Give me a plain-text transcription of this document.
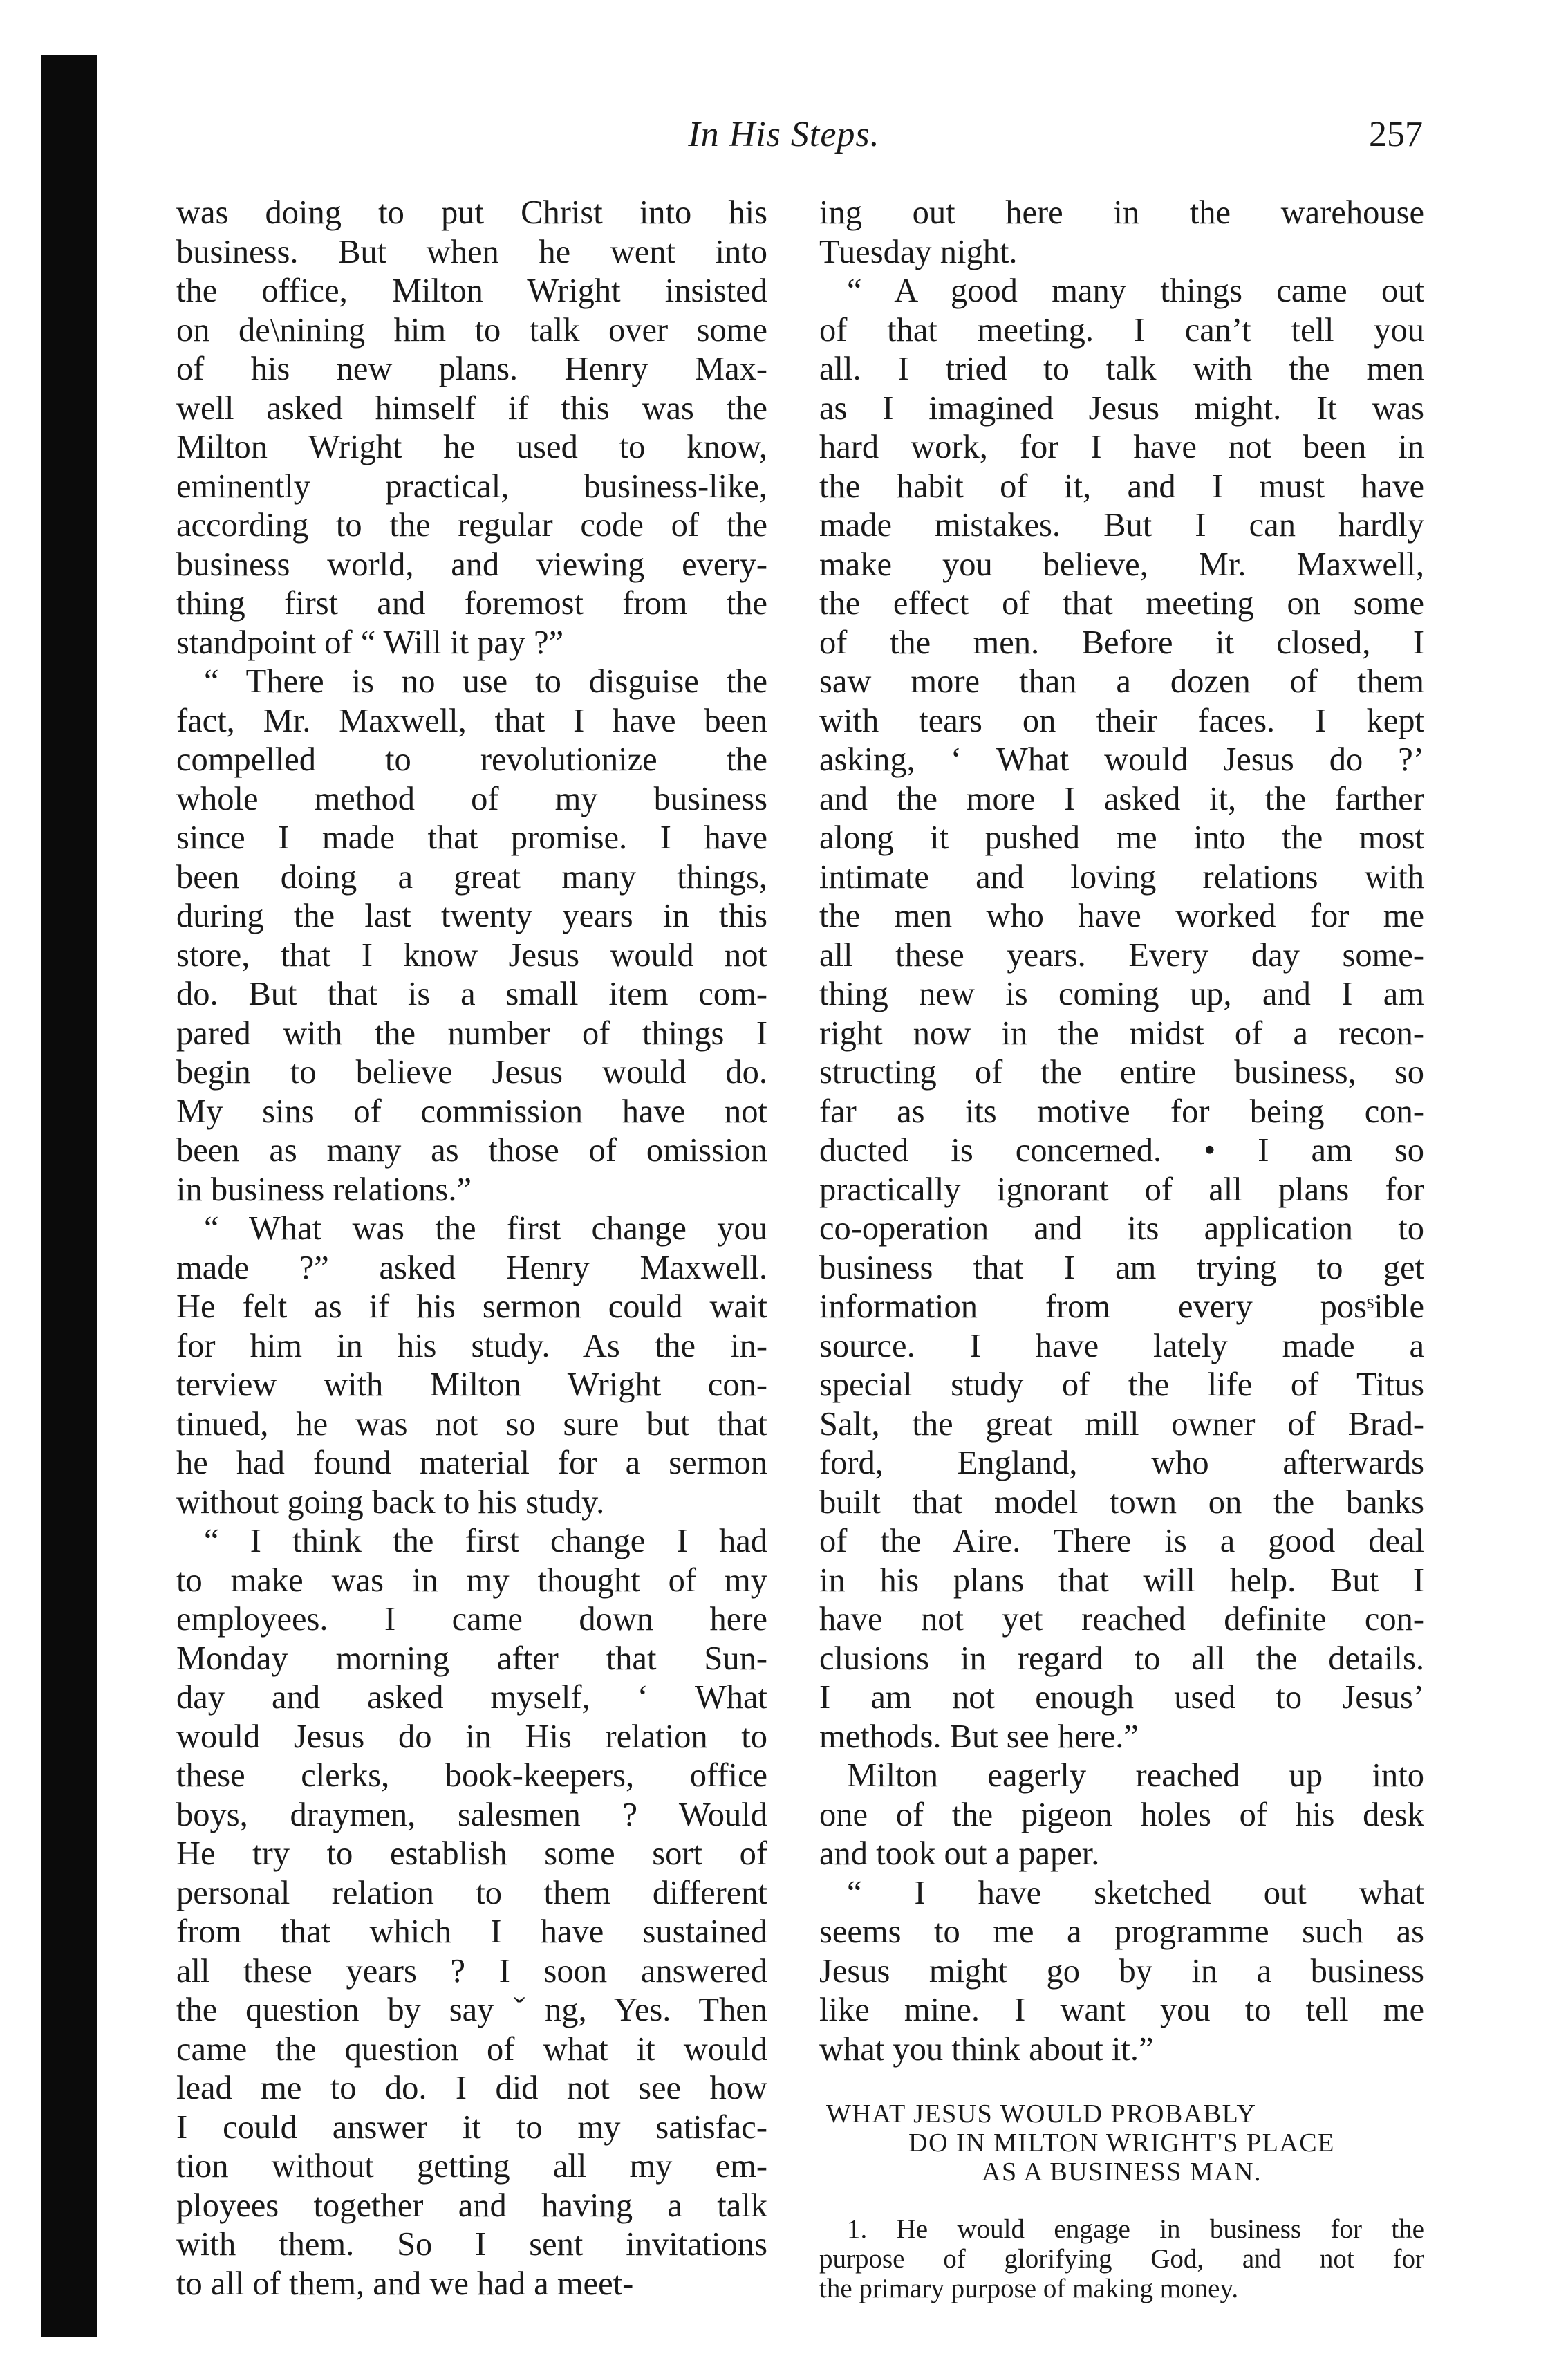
In His Steps.	257
was doing to put Christ into his
business. But when he went into
the office, Milton Wright insisted
on de\nining him to talk over some
of his new plans. Henry Max-
well asked himself if this was the
Milton Wright he used to know,
eminently practical, business-like,
according to the regular code of the
business world, and viewing every-
thing first and foremost from the
standpoint of “ Will it pay ?”
“ There is no use to disguise the
fact, Mr. Maxwell, that I have been
compelled to revolutionize the
whole method of my business
since I made that promise. I have
been doing a great many things,
during the last twenty years in this
store, that I know Jesus would not
do. But that is a small item com-
pared with the number of things I
begin to believe Jesus would do.
My sins of commission have not
been as many as those of omission
in business relations.”
“ What was the first change you
made ?” asked Henry Maxwell.
He felt as if his sermon could wait
for him in his study. As the in-
terview with Milton Wright con-
tinued, he was not so sure but that
he had found material for a sermon
without going back to his study.
“ I think the first change I had
to make was in my thought of my
employees. I came down here
Monday morning after that Sun-
day and asked myself, ‘ What
would Jesus do in His relation to
these clerks, book-keepers, office
boys, draymen, salesmen ? Would
He try to establish some sort of
personal relation to them different
from that which I have sustained
all these years ? I soon answered
the question by sayˇng, Yes. Then
came the question of what it would
lead me to do. I did not see how
I could answer it to my satisfac-
tion without getting all my em-
ployees together and having a talk
with them. So I sent invitations
to all of them, and we had a meet-
ing out here in the warehouse
Tuesday night.
“ A good many things came out
of that meeting. I can’t tell you
all. I tried to talk with the men
as I imagined Jesus might. It was
hard work, for I have not been in
the habit of it, and I must have
made mistakes. But I can hardly
make you believe, Mr. Maxwell,
the effect of that meeting on some
of the men. Before it closed, I
saw more than a dozen of them
with tears on their faces. I kept
asking, ‘ What would Jesus do ?’
and the more I asked it, the farther
along it pushed me into the most
intimate and loving relations with
the men who have worked for me
all these years. Every day some-
thing new is coming up, and I am
right now in the midst of a recon-
structing of the entire business, so
far as its motive for being con-
ducted is concerned. • I am so
practically ignorant of all plans for
co-operation and its application to
business that I am trying to get
information from every posˢible
source. I have lately made a
special study of the life of Titus
Salt, the great mill owner of Brad-
ford, England, who afterwards
built that model town on the banks
of the Aire. There is a good deal
in his plans that will help. But I
have not yet reached definite con-
clusions in regard to all the details.
I am not enough used to Jesus’
methods. But see here.”
Milton eagerly reached up into
one of the pigeon holes of his desk
and took out a paper.
“ I have sketched out what
seems to me a programme such as
Jesus might go by in a business
like mine. I want you to tell me
what you think about it.”
WHAT JESUS WOULD PROBABLY
DO IN MILTON WRIGHT'S PLACE
AS A BUSINESS MAN.
1. He would engage in business for the
purpose of glorifying God, and not for
the primary purpose of making money.
